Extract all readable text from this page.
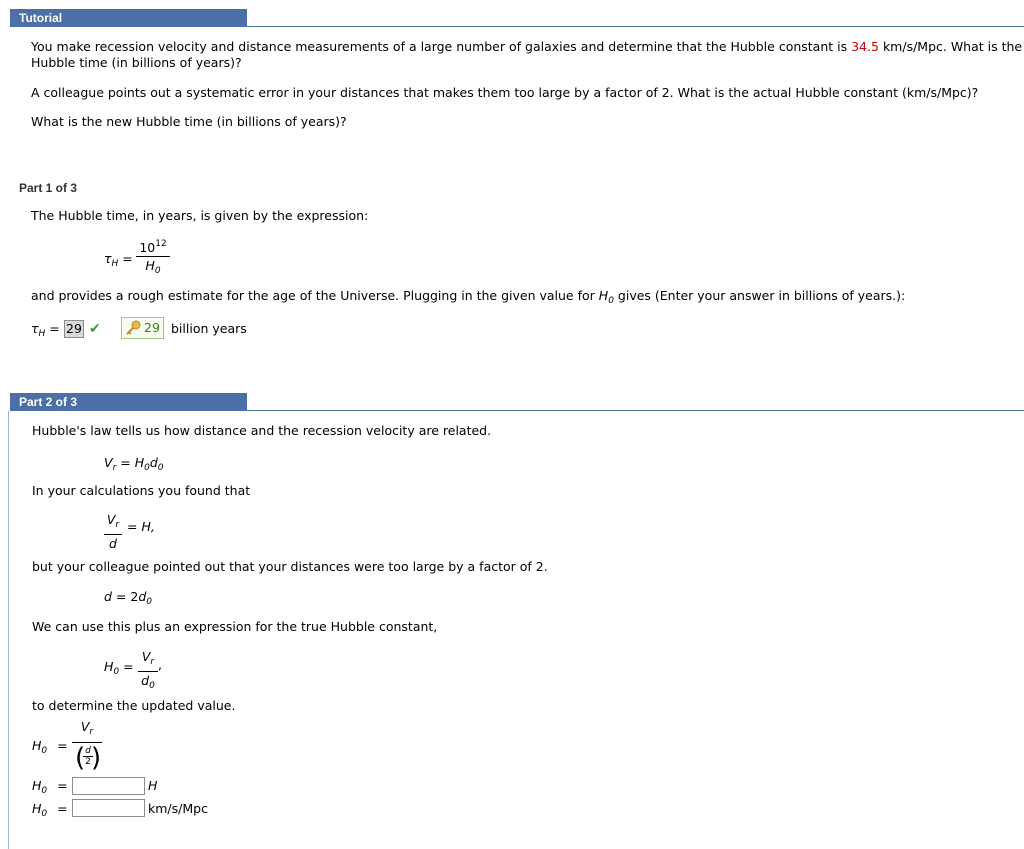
Tutorial
You make recession velocity and distance measurements of a large number of galaxies and determine that the Hubble constant is 34.5 km/s/Mpc. What is the
Hubble time (in billions of years)?
A colleague points out a systematic error in your distances that makes them too large by a factor of 2. What is the actual Hubble constant (km/s/Mpc)?
What is the new Hubble time (in billions of years)?
Part 1 of 3
The Hubble time, in years, is given by the expression:
$\tau_H$ =
$10^{12}$
$H_0$
and provides a rough estimate for the age of the Universe. Plugging in the given value for $H_0$ gives (Enter your answer in billions of years.):
$\tau_H = 29$ ✔	29 billion years
Part 2 of 3
Hubble's law tells us how distance and the recession velocity are related.
$V_r = H_0d_0$
In your calculations you found that
$V_r$
d
= H,
but your colleague pointed out that your distances were too large by a factor of 2.
$d = 2d_0$
We can use this plus an expression for the true Hubble constant,
$H_0$ =
$V_r$
$d_0$
,
to determine the updated value.
$H_0$ =
$V_r$
( d
2 )
$H_0$ =	H
$H_0$ =	km/s/Mpc
